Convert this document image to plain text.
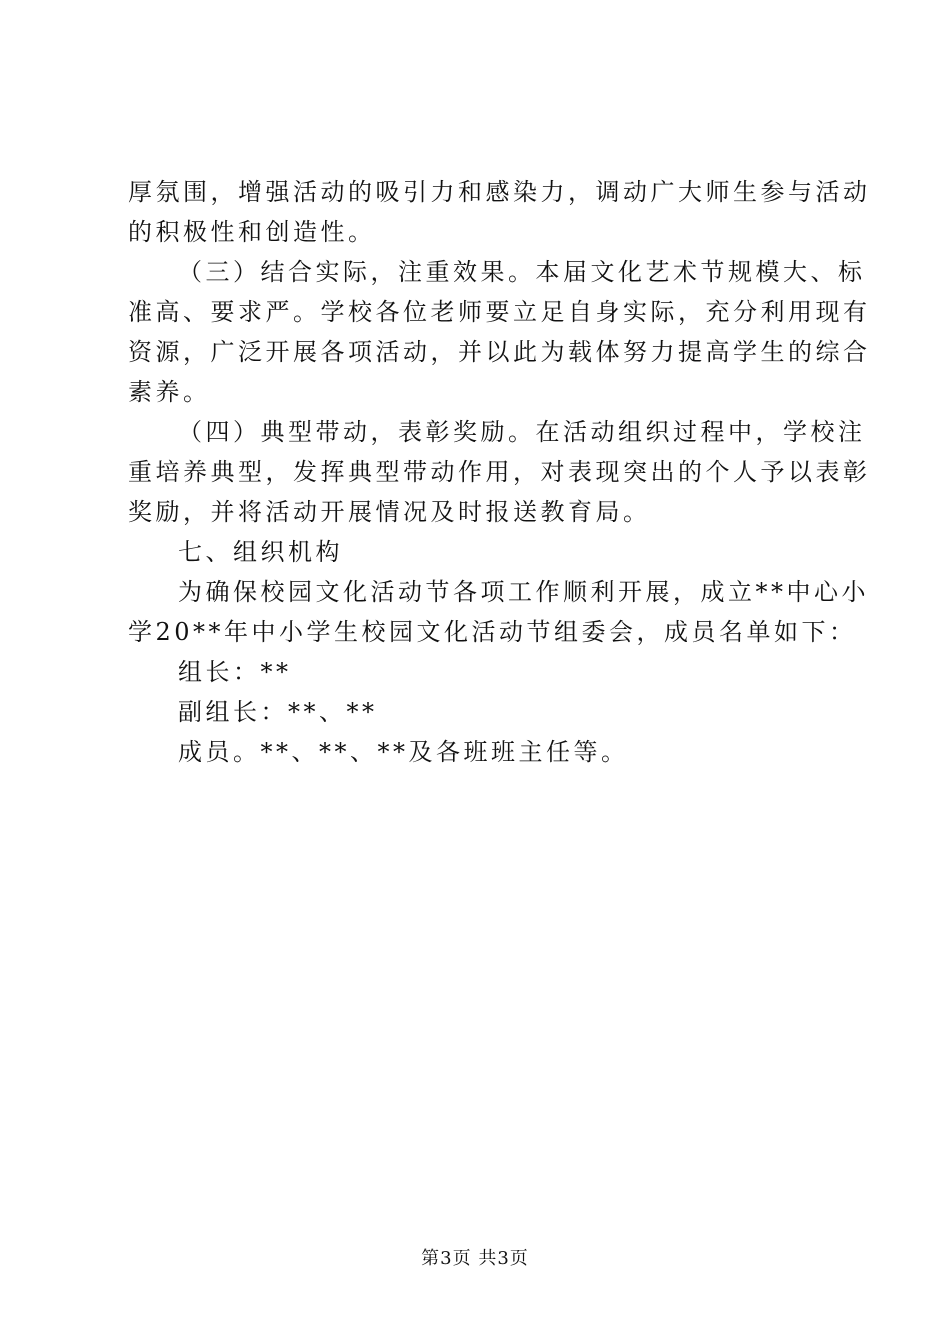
厚氛围，增强活动的吸引力和感染力，调动广大师生参与活动
的积极性和创造性。
（三）结合实际，注重效果。本届文化艺术节规模大、标
准高、要求严。学校各位老师要立足自身实际，充分利用现有
资源，广泛开展各项活动，并以此为载体努力提高学生的综合
素养。
（四）典型带动，表彰奖励。在活动组织过程中，学校注
重培养典型，发挥典型带动作用，对表现突出的个人予以表彰
奖励，并将活动开展情况及时报送教育局。
七、组织机构
为确保校园文化活动节各项工作顺利开展，成立**中心小
学20**年中小学生校园文化活动节组委会，成员名单如下：
组长：**
副组长：**、**
成员。**、**、**及各班班主任等。
第3页 共3页
